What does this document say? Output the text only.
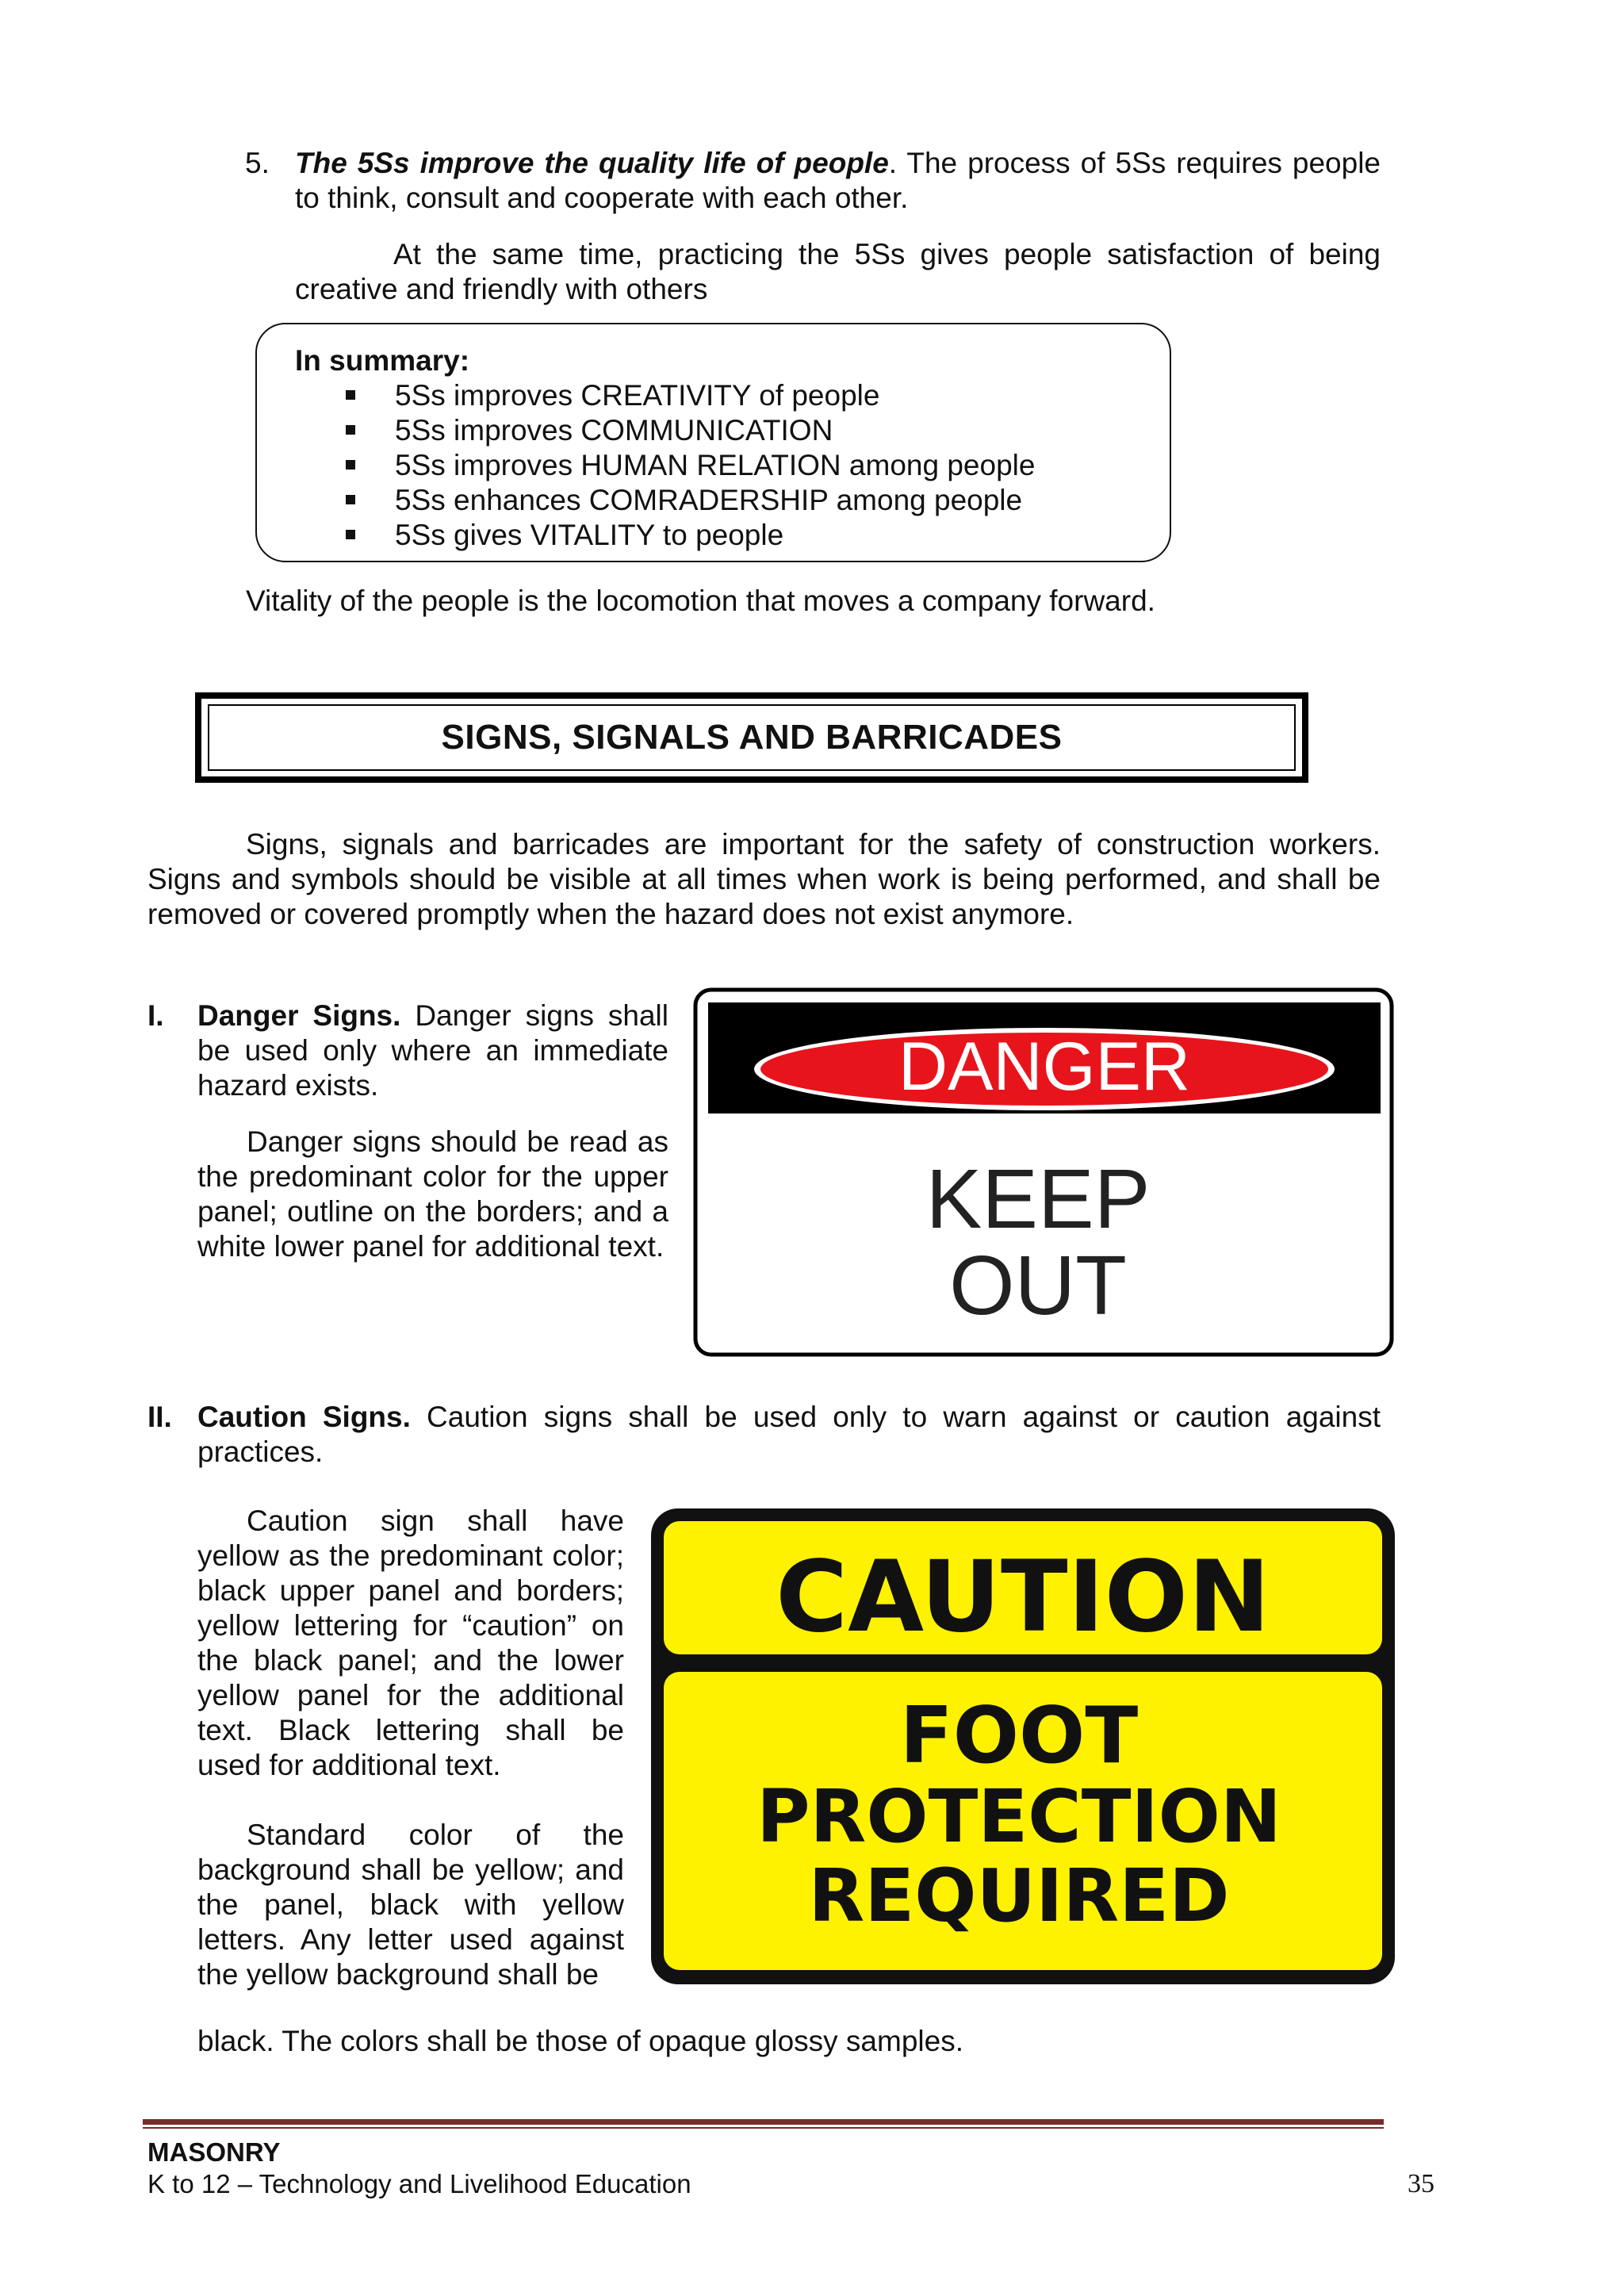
5. The 5Ss improve the quality life of people. The process of 5Ss requires people to think, consult and cooperate with each other.
At the same time, practicing the 5Ss gives people satisfaction of being creative and friendly with others
In summary:
5Ss improves CREATIVITY of people
5Ss improves COMMUNICATION
5Ss improves HUMAN RELATION among people
5Ss enhances COMRADERSHIP among people
5Ss gives VITALITY to people
Vitality of the people is the locomotion that moves a company forward.
SIGNS, SIGNALS AND BARRICADES
Signs, signals and barricades are important for the safety of construction workers. Signs and symbols should be visible at all times when work is being performed, and shall be removed or covered promptly when the hazard does not exist anymore.
I. Danger Signs. Danger signs shall be used only where an immediate hazard exists.
Danger signs should be read as the predominant color for the upper panel; outline on the borders; and a white lower panel for additional text.
DANGER
KEEP
OUT
II. Caution Signs. Caution signs shall be used only to warn against or caution against practices.
Caution sign shall have yellow as the predominant color; black upper panel and borders; yellow lettering for “caution” on the black panel; and the lower yellow panel for the additional text. Black lettering shall be used for additional text.
Standard color of the background shall be yellow; and the panel, black with yellow letters. Any letter used against the yellow background shall be
black. The colors shall be those of opaque glossy samples.
CAUTION
FOOT
PROTECTION
REQUIRED
MASONRY
K to 12 – Technology and Livelihood Education	35
